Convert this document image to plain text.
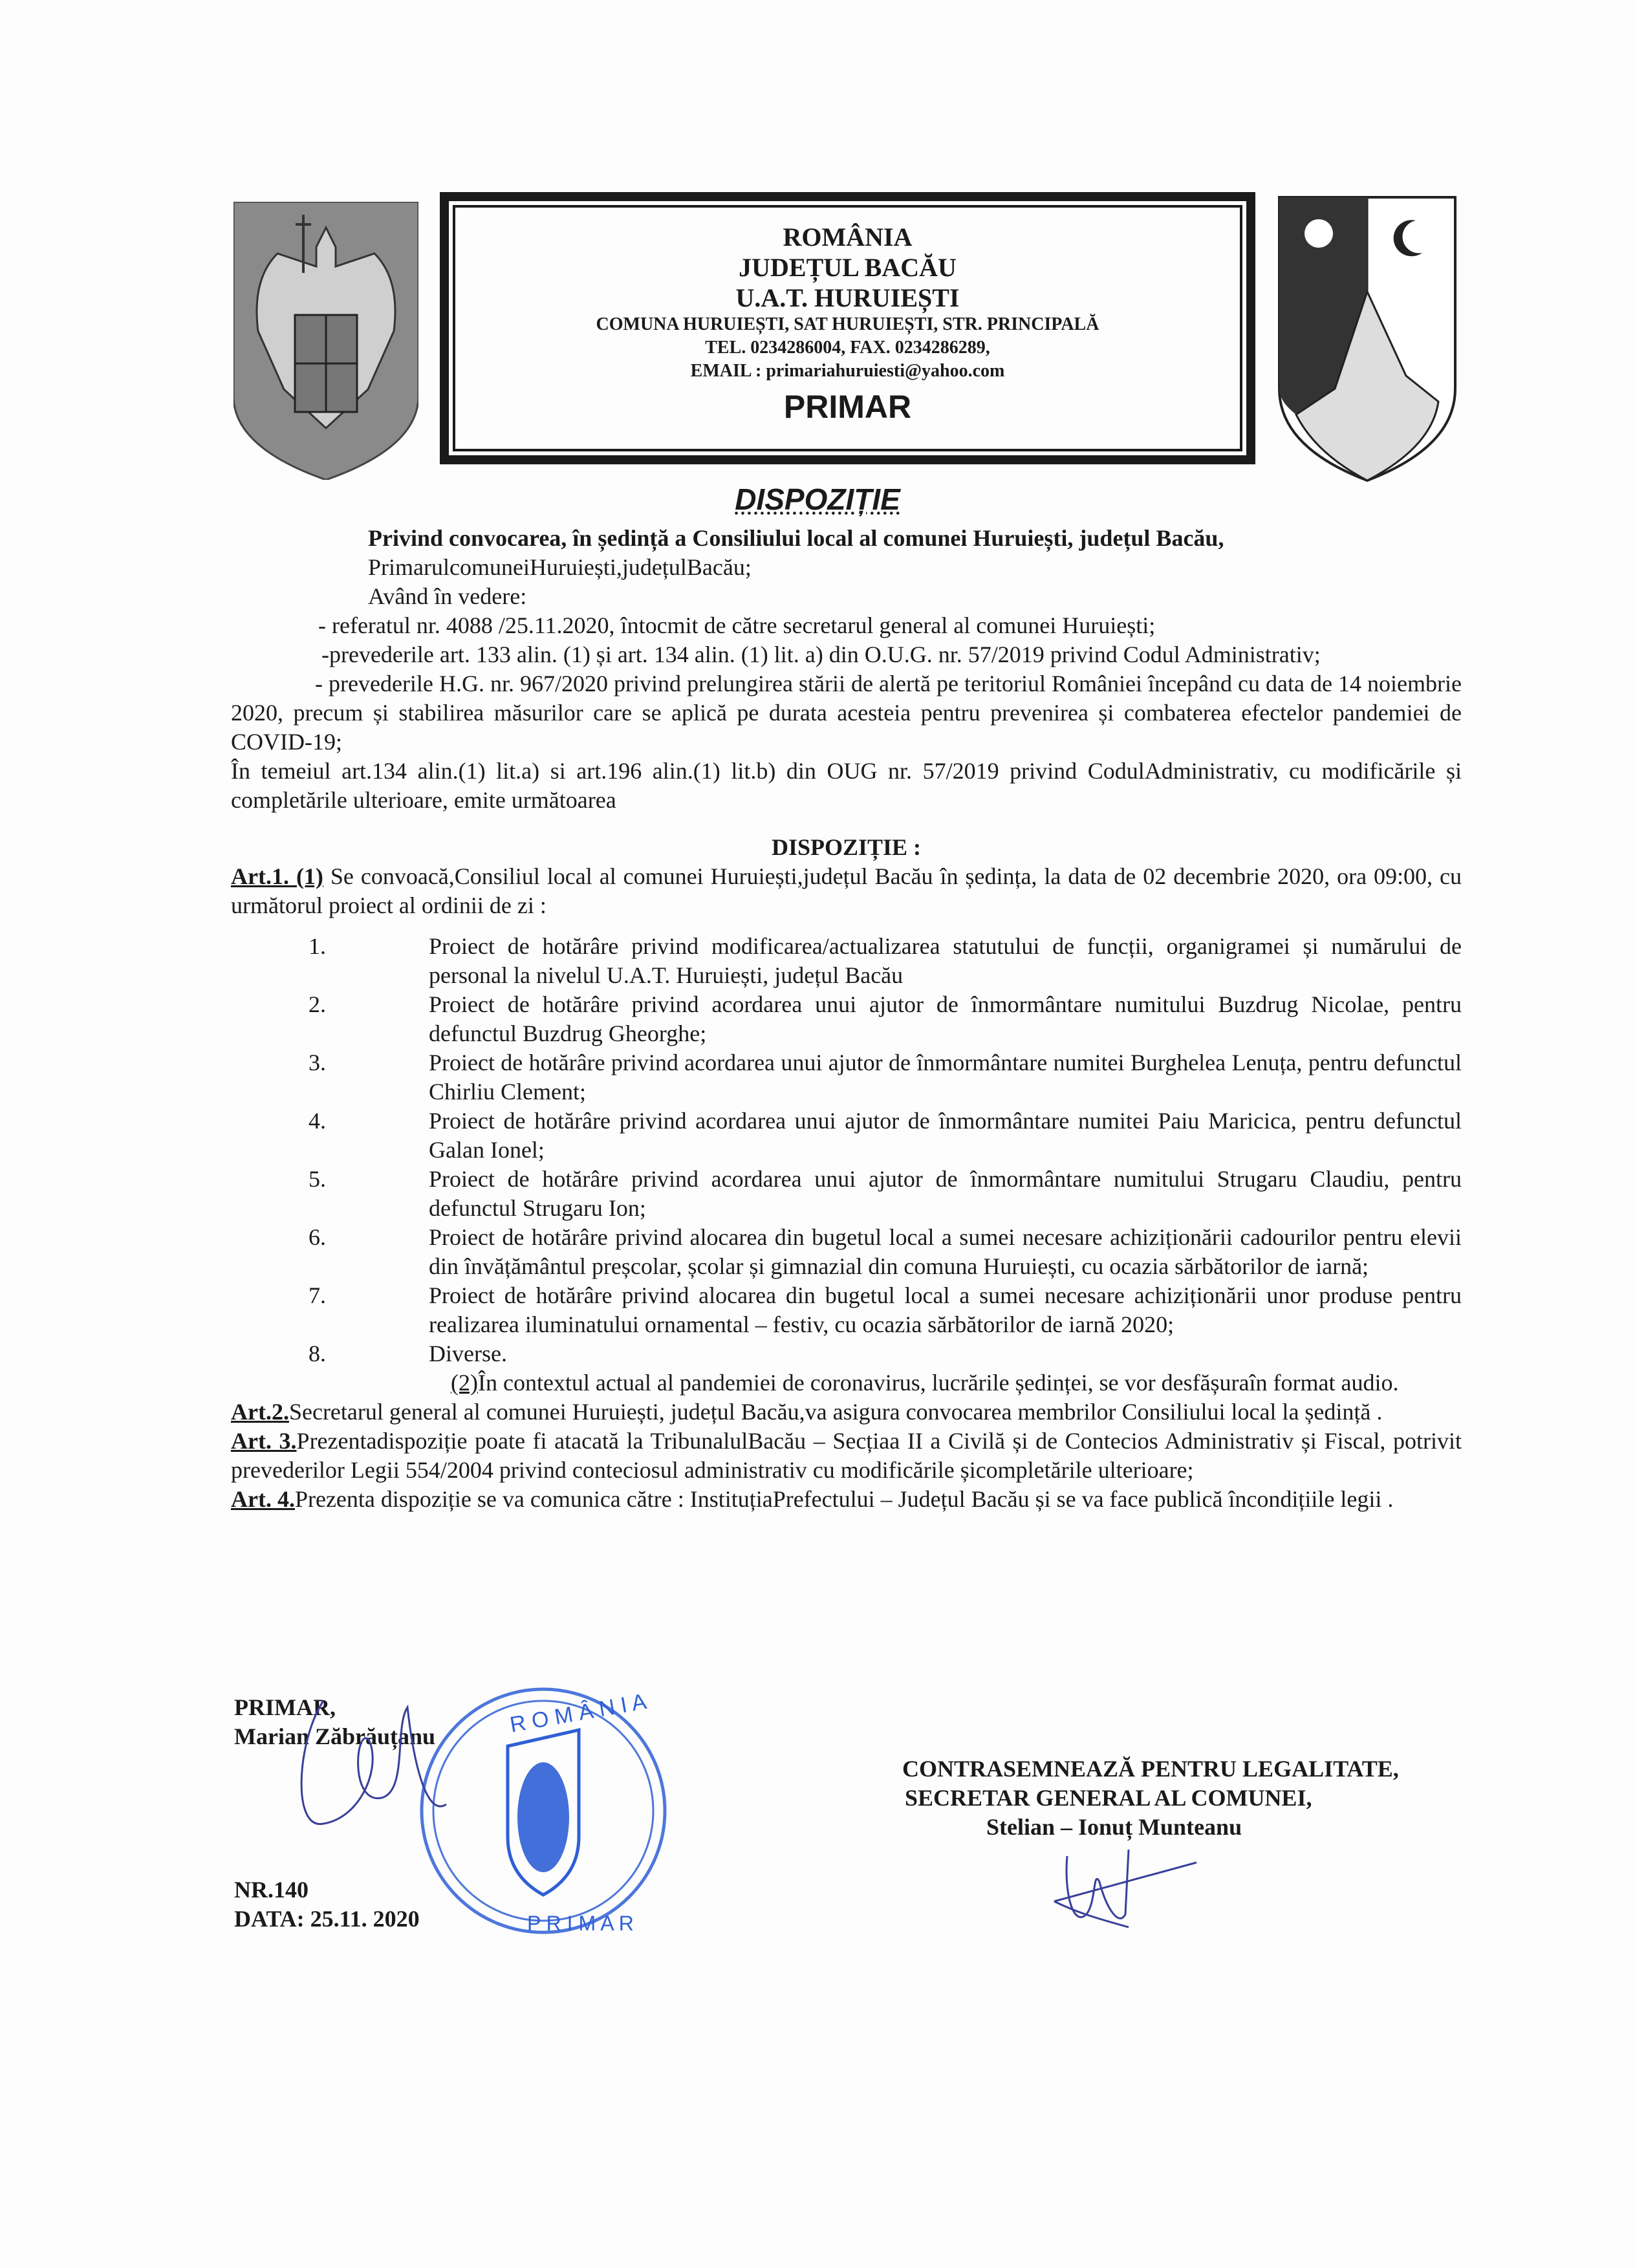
ROMÂNIA
JUDEȚUL BACĂU
U.A.T. HURUIEȘTI
COMUNA HURUIEȘTI, SAT HURUIEȘTI, STR. PRINCIPALĂ
TEL. 0234286004, FAX. 0234286289,
EMAIL : primariahuruiesti@yahoo.com
PRIMAR
DISPOZIȚIE

Privind convocarea, în ședință a Consiliului local al comunei Huruiești, județul Bacău,

PrimarulcomuneiHuruiești,județulBacău;

Având în vedere:

- referatul nr. 4088 /25.11.2020, întocmit de către secretarul general al comunei Huruiești;

-prevederile art. 133 alin. (1) și art. 134 alin. (1) lit. a) din O.U.G. nr. 57/2019 privind Codul Administrativ;

- prevederile H.G. nr. 967/2020 privind prelungirea stării de alertă pe teritoriul României începând cu data de 14 noiembrie 2020, precum și stabilirea măsurilor care se aplică pe durata acesteia pentru prevenirea și combaterea efectelor pandemiei de COVID-19;

În temeiul art.134 alin.(1) lit.a) si art.196 alin.(1) lit.b) din OUG nr. 57/2019 privind CodulAdministrativ, cu modificările și completările ulterioare, emite următoarea

DISPOZIȚIE :

Art.1. (1) Se convoacă,Consiliul local al comunei Huruiești,județul Bacău în ședința, la data de 02 decembrie 2020, ora 09:00, cu următorul proiect al ordinii de zi :

1.	Proiect de hotărâre privind modificarea/actualizarea statutului de funcții, organigramei și numărului de personal la nivelul U.A.T. Huruiești, județul Bacău
2.	Proiect de hotărâre privind acordarea unui ajutor de înmormântare numitului Buzdrug Nicolae, pentru defunctul Buzdrug Gheorghe;
3.	Proiect de hotărâre privind acordarea unui ajutor de înmormântare numitei Burghelea Lenuța, pentru defunctul Chirliu Clement;
4.	Proiect de hotărâre privind acordarea unui ajutor de înmormântare numitei Paiu Maricica, pentru defunctul Galan Ionel;
5.	Proiect de hotărâre privind acordarea unui ajutor de înmormântare numitului Strugaru Claudiu, pentru defunctul Strugaru Ion;
6.	Proiect de hotărâre privind alocarea din bugetul local a sumei necesare achiziționării cadourilor pentru elevii din învățământul preșcolar, școlar și gimnazial din comuna Huruiești, cu ocazia sărbătorilor de iarnă;
7.	Proiect de hotărâre privind alocarea din bugetul local a sumei necesare achiziționării unor produse pentru realizarea iluminatului ornamental – festiv, cu ocazia sărbătorilor de iarnă 2020;
8.	Diverse.

(2)În contextul actual al pandemiei de coronavirus, lucrările ședinței, se vor desfășuraîn format audio.

Art.2.Secretarul general al comunei Huruiești, județul Bacău,va asigura convocarea membrilor Consiliului local la ședință .

Art. 3.Prezentadispoziție poate fi atacată la TribunalulBacău – Secțiaa II a Civilă și de Contecios Administrativ și Fiscal, potrivit prevederilor Legii 554/2004 privind conteciosul administrativ cu modificările șicompletările ulterioare;

Art. 4.Prezenta dispoziție se va comunica către : InstituțiaPrefectului – Județul Bacău și se va face publică încondițiile legii .

PRIMAR,
Marian Zăbrăuțanu	R O M Â N I A
P R I M A R
CONTRASEMNEAZĂ PENTRU LEGALITATE,
SECRETAR GENERAL AL COMUNEI,
Stelian – Ionuț Munteanu
NR.140
DATA: 25.11. 2020
